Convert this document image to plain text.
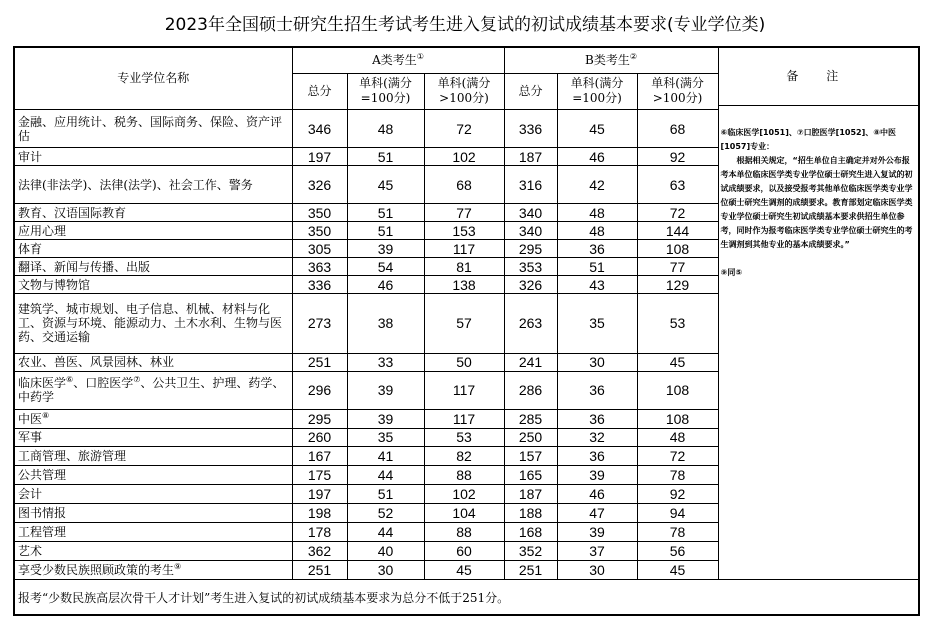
2023年全国硕士研究生招生考试考生进入复试的初试成绩基本要求(专业学位类)
专业学位名称	A类考生①			B类考生②			备 注

⑥临床医学[1051]、⑦口腔医学[1052]、⑧中医[1057]专业：

根据相关规定，“招生单位自主确定并对外公布报考本单位临床医学类专业学位硕士研究生进入复试的初试成绩要求，以及接受报考其他单位临床医学类专业学位硕士研究生调剂的成绩要求。教育部划定临床医学类专业学位硕士研究生初试成绩基本要求供招生单位参考，同时作为报考临床医学类专业学位硕士研究生的考生调剂到其他专业的基本成绩要求。”

⑨同⑤

	总分	单科(满分=100分)	单科(满分>100分)	总分	单科(满分=100分)	单科(满分>100分)	
金融、应用统计、税务、国际商务、保险、资产评估	346	48	72	336	45	68	
审计	197	51	102	187	46	92	
法律(非法学)、法律(法学)、社会工作、警务	326	45	68	316	42	63	
教育、汉语国际教育	350	51	77	340	48	72	
应用心理	350	51	153	340	48	144	
体育	305	39	117	295	36	108	
翻译、新闻与传播、出版	363	54	81	353	51	77	
文物与博物馆	336	46	138	326	43	129	
建筑学、城市规划、电子信息、机械、材料与化工、资源与环境、能源动力、土木水利、生物与医药、交通运输	273	38	57	263	35	53	
农业、兽医、风景园林、林业	251	33	50	241	30	45	
临床医学⑥、口腔医学⑦、公共卫生、护理、药学、中药学	296	39	117	286	36	108	
中医⑧	295	39	117	285	36	108	
军事	260	35	53	250	32	48	
工商管理、旅游管理	167	41	82	157	36	72	
公共管理	175	44	88	165	39	78	
会计	197	51	102	187	46	92	
图书情报	198	52	104	188	47	94	
工程管理	178	44	88	168	39	78	
艺术	362	40	60	352	37	56	
享受少数民族照顾政策的考生⑨	251	30	45	251	30	45	
报考“少数民族高层次骨干人才计划”考生进入复试的初试成绩基本要求为总分不低于251分。							
